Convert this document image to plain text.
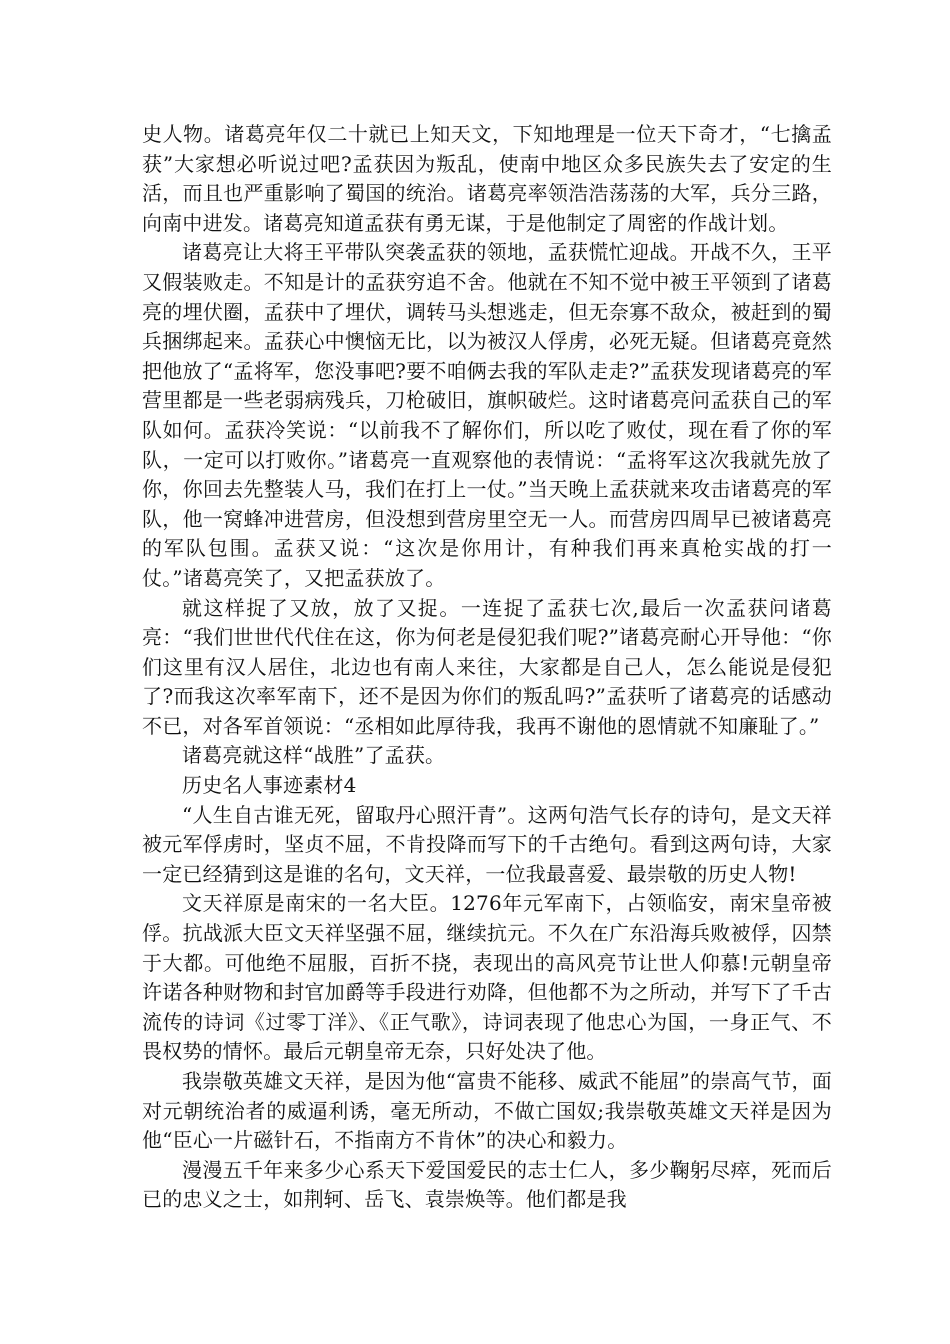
史人物。诸葛亮年仅二十就已上知天文，下知地理是一位天下奇才，“七擒孟获”大家想必听说过吧?孟获因为叛乱，使南中地区众多民族失去了安定的生活，而且也严重影响了蜀国的统治。诸葛亮率领浩浩荡荡的大军，兵分三路，向南中进发。诸葛亮知道孟获有勇无谋，于是他制定了周密的作战计划。

诸葛亮让大将王平带队突袭孟获的领地，孟获慌忙迎战。开战不久，王平又假装败走。不知是计的孟获穷追不舍。他就在不知不觉中被王平领到了诸葛亮的埋伏圈，孟获中了埋伏，调转马头想逃走，但无奈寡不敌众，被赶到的蜀兵捆绑起来。孟获心中懊恼无比，以为被汉人俘虏，必死无疑。但诸葛亮竟然把他放了“孟将军，您没事吧?要不咱俩去我的军队走走?”孟获发现诸葛亮的军营里都是一些老弱病残兵，刀枪破旧，旗帜破烂。这时诸葛亮问孟获自己的军队如何。孟获冷笑说：“以前我不了解你们，所以吃了败仗，现在看了你的军队，一定可以打败你。”诸葛亮一直观察他的表情说：“孟将军这次我就先放了你，你回去先整装人马，我们在打上一仗。”当天晚上孟获就来攻击诸葛亮的军队，他一窝蜂冲进营房，但没想到营房里空无一人。而营房四周早已被诸葛亮的军队包围。孟获又说：“这次是你用计，有种我们再来真枪实战的打一仗。”诸葛亮笑了，又把孟获放了。

就这样捉了又放，放了又捉。一连捉了孟获七次,最后一次孟获问诸葛亮：“我们世世代代住在这，你为何老是侵犯我们呢?”诸葛亮耐心开导他：“你们这里有汉人居住，北边也有南人来往，大家都是自己人，怎么能说是侵犯了?而我这次率军南下，还不是因为你们的叛乱吗?”孟获听了诸葛亮的话感动不已，对各军首领说：“丞相如此厚待我，我再不谢他的恩情就不知廉耻了。”

诸葛亮就这样“战胜”了孟获。

历史名人事迹素材4

“人生自古谁无死，留取丹心照汗青”。这两句浩气长存的诗句，是文天祥被元军俘虏时，坚贞不屈，不肯投降而写下的千古绝句。看到这两句诗，大家一定已经猜到这是谁的名句，文天祥，一位我最喜爱、最崇敬的历史人物!

文天祥原是南宋的一名大臣。1276年元军南下，占领临安，南宋皇帝被俘。抗战派大臣文天祥坚强不屈，继续抗元。不久在广东沿海兵败被俘，囚禁于大都。可他绝不屈服，百折不挠，表现出的高风亮节让世人仰慕!元朝皇帝许诺各种财物和封官加爵等手段进行劝降，但他都不为之所动，并写下了千古流传的诗词《过零丁洋》、《正气歌》，诗词表现了他忠心为国，一身正气、不畏权势的情怀。最后元朝皇帝无奈，只好处决了他。

我崇敬英雄文天祥，是因为他“富贵不能移、威武不能屈”的崇高气节，面对元朝统治者的威逼利诱，毫无所动，不做亡国奴;我崇敬英雄文天祥是因为他“臣心一片磁针石，不指南方不肯休”的决心和毅力。

漫漫五千年来多少心系天下爱国爱民的志士仁人，多少鞠躬尽瘁，死而后已的忠义之士，如荆轲、岳飞、袁崇焕等。他们都是我
